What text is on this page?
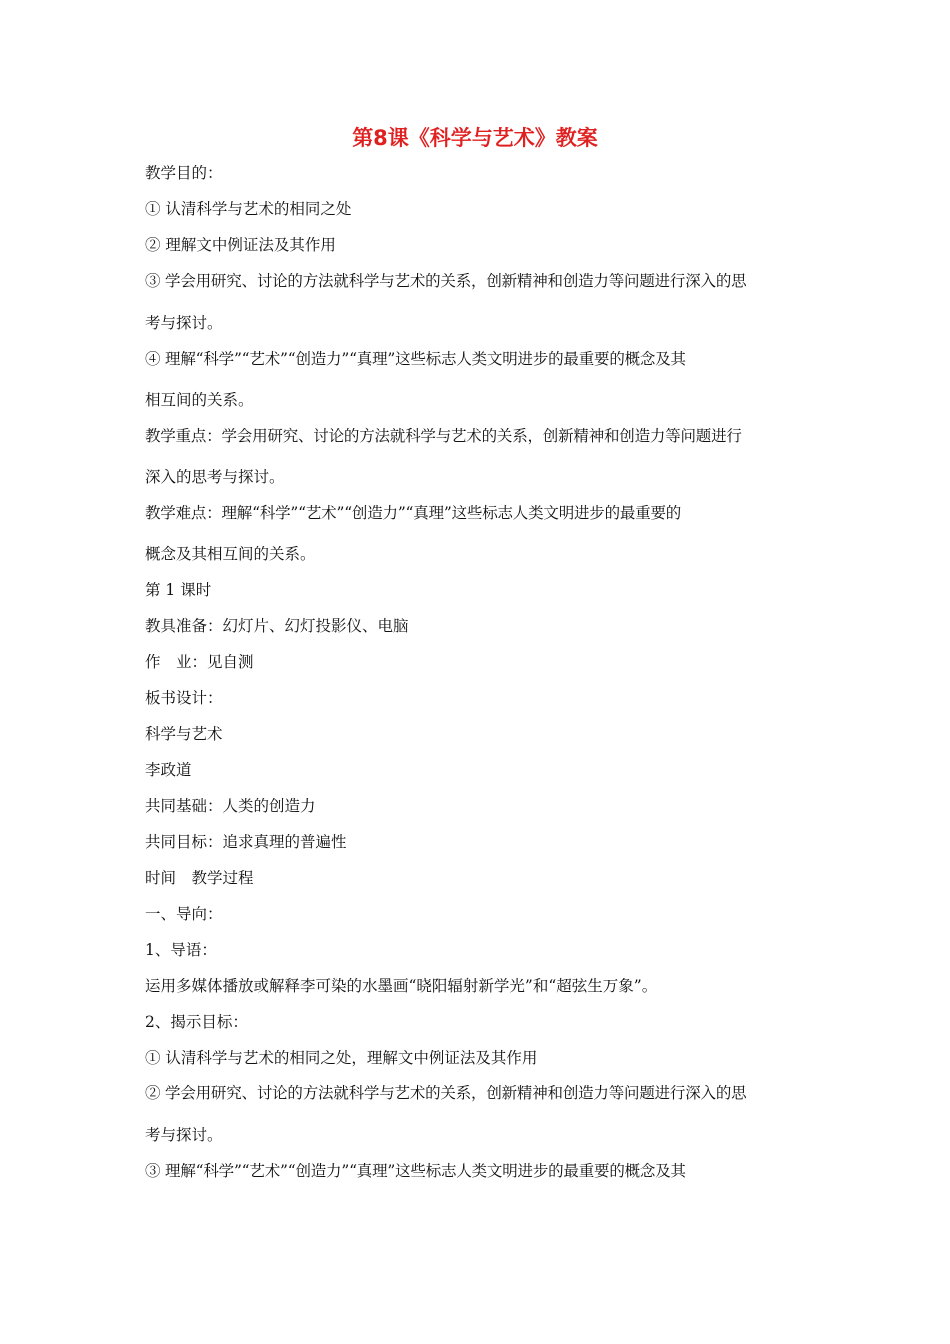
第8课《科学与艺术》教案

教学目的：

① 认清科学与艺术的相同之处

② 理解文中例证法及其作用

③ 学会用研究、讨论的方法就科学与艺术的关系，创新精神和创造力等问题进行深入的思

考与探讨。

④ 理解“科学”“艺术”“创造力”“真理”这些标志人类文明进步的最重要的概念及其

相互间的关系。

教学重点：学会用研究、讨论的方法就科学与艺术的关系，创新精神和创造力等问题进行

深入的思考与探讨。

教学难点：理解“科学”“艺术”“创造力”“真理”这些标志人类文明进步的最重要的

概念及其相互间的关系。

第 1 课时

教具准备：幻灯片、幻灯投影仪、电脑

作　业：见自测

板书设计：

科学与艺术

李政道

共同基础：人类的创造力

共同目标：追求真理的普遍性

时间　教学过程

一、导向：

1、导语：

运用多媒体播放或解释李可染的水墨画“晓阳辐射新学光”和“超弦生万象”。

2、揭示目标：

① 认清科学与艺术的相同之处，理解文中例证法及其作用

② 学会用研究、讨论的方法就科学与艺术的关系，创新精神和创造力等问题进行深入的思

考与探讨。

③ 理解“科学”“艺术”“创造力”“真理”这些标志人类文明进步的最重要的概念及其
